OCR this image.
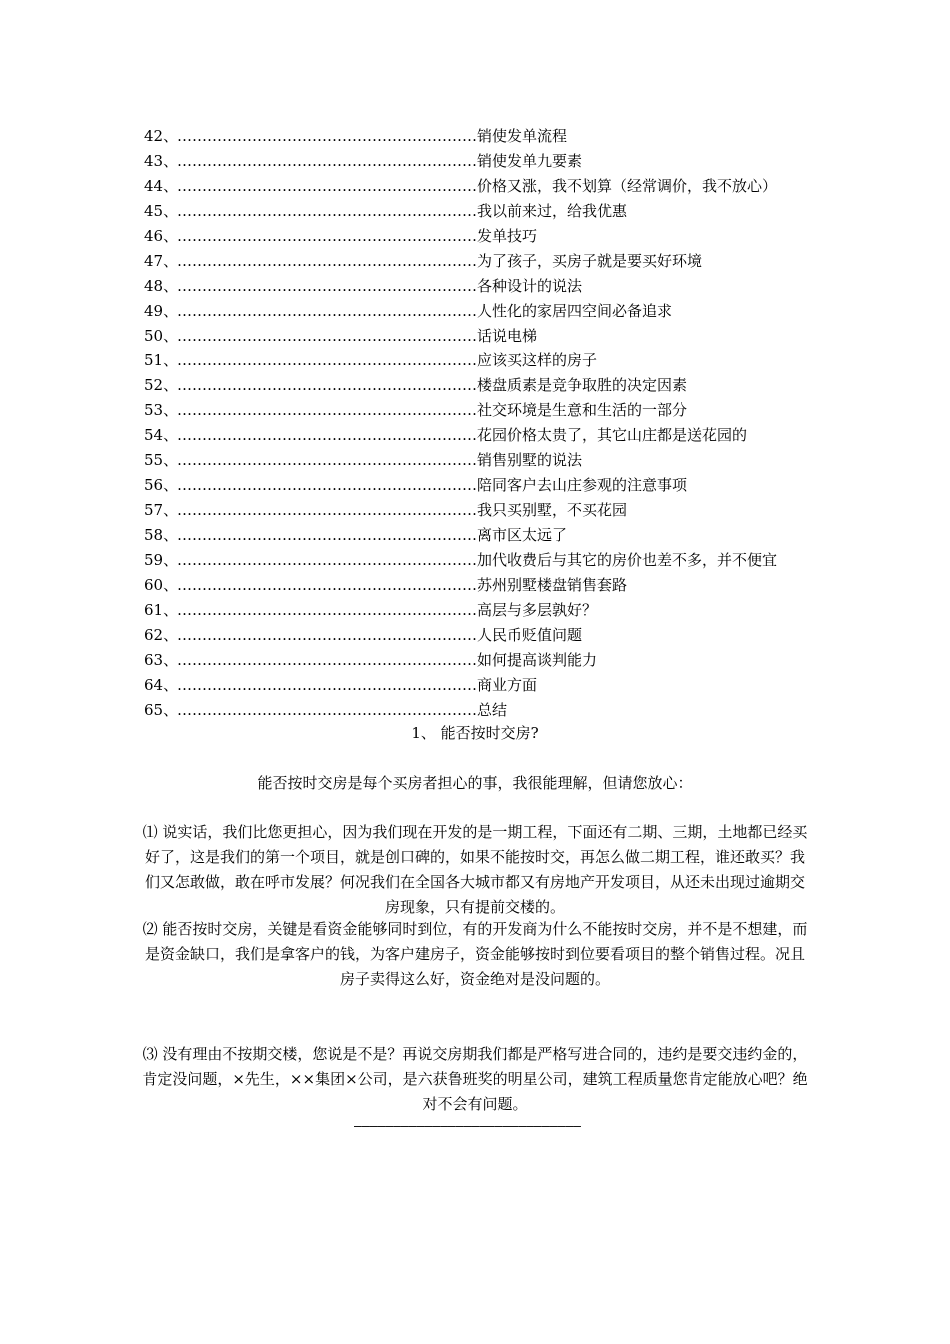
42、……………………………………………………销使发单流程
43、……………………………………………………销使发单九要素
44、……………………………………………………价格又涨，我不划算（经常调价，我不放心）
45、……………………………………………………我以前来过，给我优惠
46、……………………………………………………发单技巧
47、……………………………………………………为了孩子，买房子就是要买好环境
48、……………………………………………………各种设计的说法
49、……………………………………………………人性化的家居四空间必备追求
50、……………………………………………………话说电梯
51、……………………………………………………应该买这样的房子
52、……………………………………………………楼盘质素是竞争取胜的决定因素
53、……………………………………………………社交环境是生意和生活的一部分
54、……………………………………………………花园价格太贵了，其它山庄都是送花园的
55、……………………………………………………销售别墅的说法
56、……………………………………………………陪同客户去山庄参观的注意事项
57、……………………………………………………我只买别墅，不买花园
58、……………………………………………………离市区太远了
59、……………………………………………………加代收费后与其它的房价也差不多，并不便宜
60、……………………………………………………苏州别墅楼盘销售套路
61、……………………………………………………高层与多层孰好？
62、……………………………………………………人民币贬值问题
63、……………………………………………………如何提高谈判能力
64、……………………………………………………商业方面
65、……………………………………………………总结
1、 能否按时交房?
能否按时交房是每个买房者担心的事，我很能理解，但请您放心：

⑴ 说实话，我们比您更担心，因为我们现在开发的是一期工程，下面还有二期、三期，土地都已经买好了，这是我们的第一个项目，就是创口碑的，如果不能按时交，再怎么做二期工程，谁还敢买？我们又怎敢做，敢在呼市发展？何况我们在全国各大城市都又有房地产开发项目，从还未出现过逾期交房现象，只有提前交楼的。

⑵ 能否按时交房，关键是看资金能够同时到位，有的开发商为什么不能按时交房，并不是不想建，而是资金缺口，我们是拿客户的钱，为客户建房子，资金能够按时到位要看项目的整个销售过程。况且房子卖得这么好，资金绝对是没问题的。

⑶ 没有理由不按期交楼，您说是不是？再说交房期我们都是严格写进合同的，违约是要交违约金的，肯定没问题，×先生，××集团×公司，是六获鲁班奖的明星公司，建筑工程质量您肯定能放心吧？绝对不会有问题。

—————————————————————————————
